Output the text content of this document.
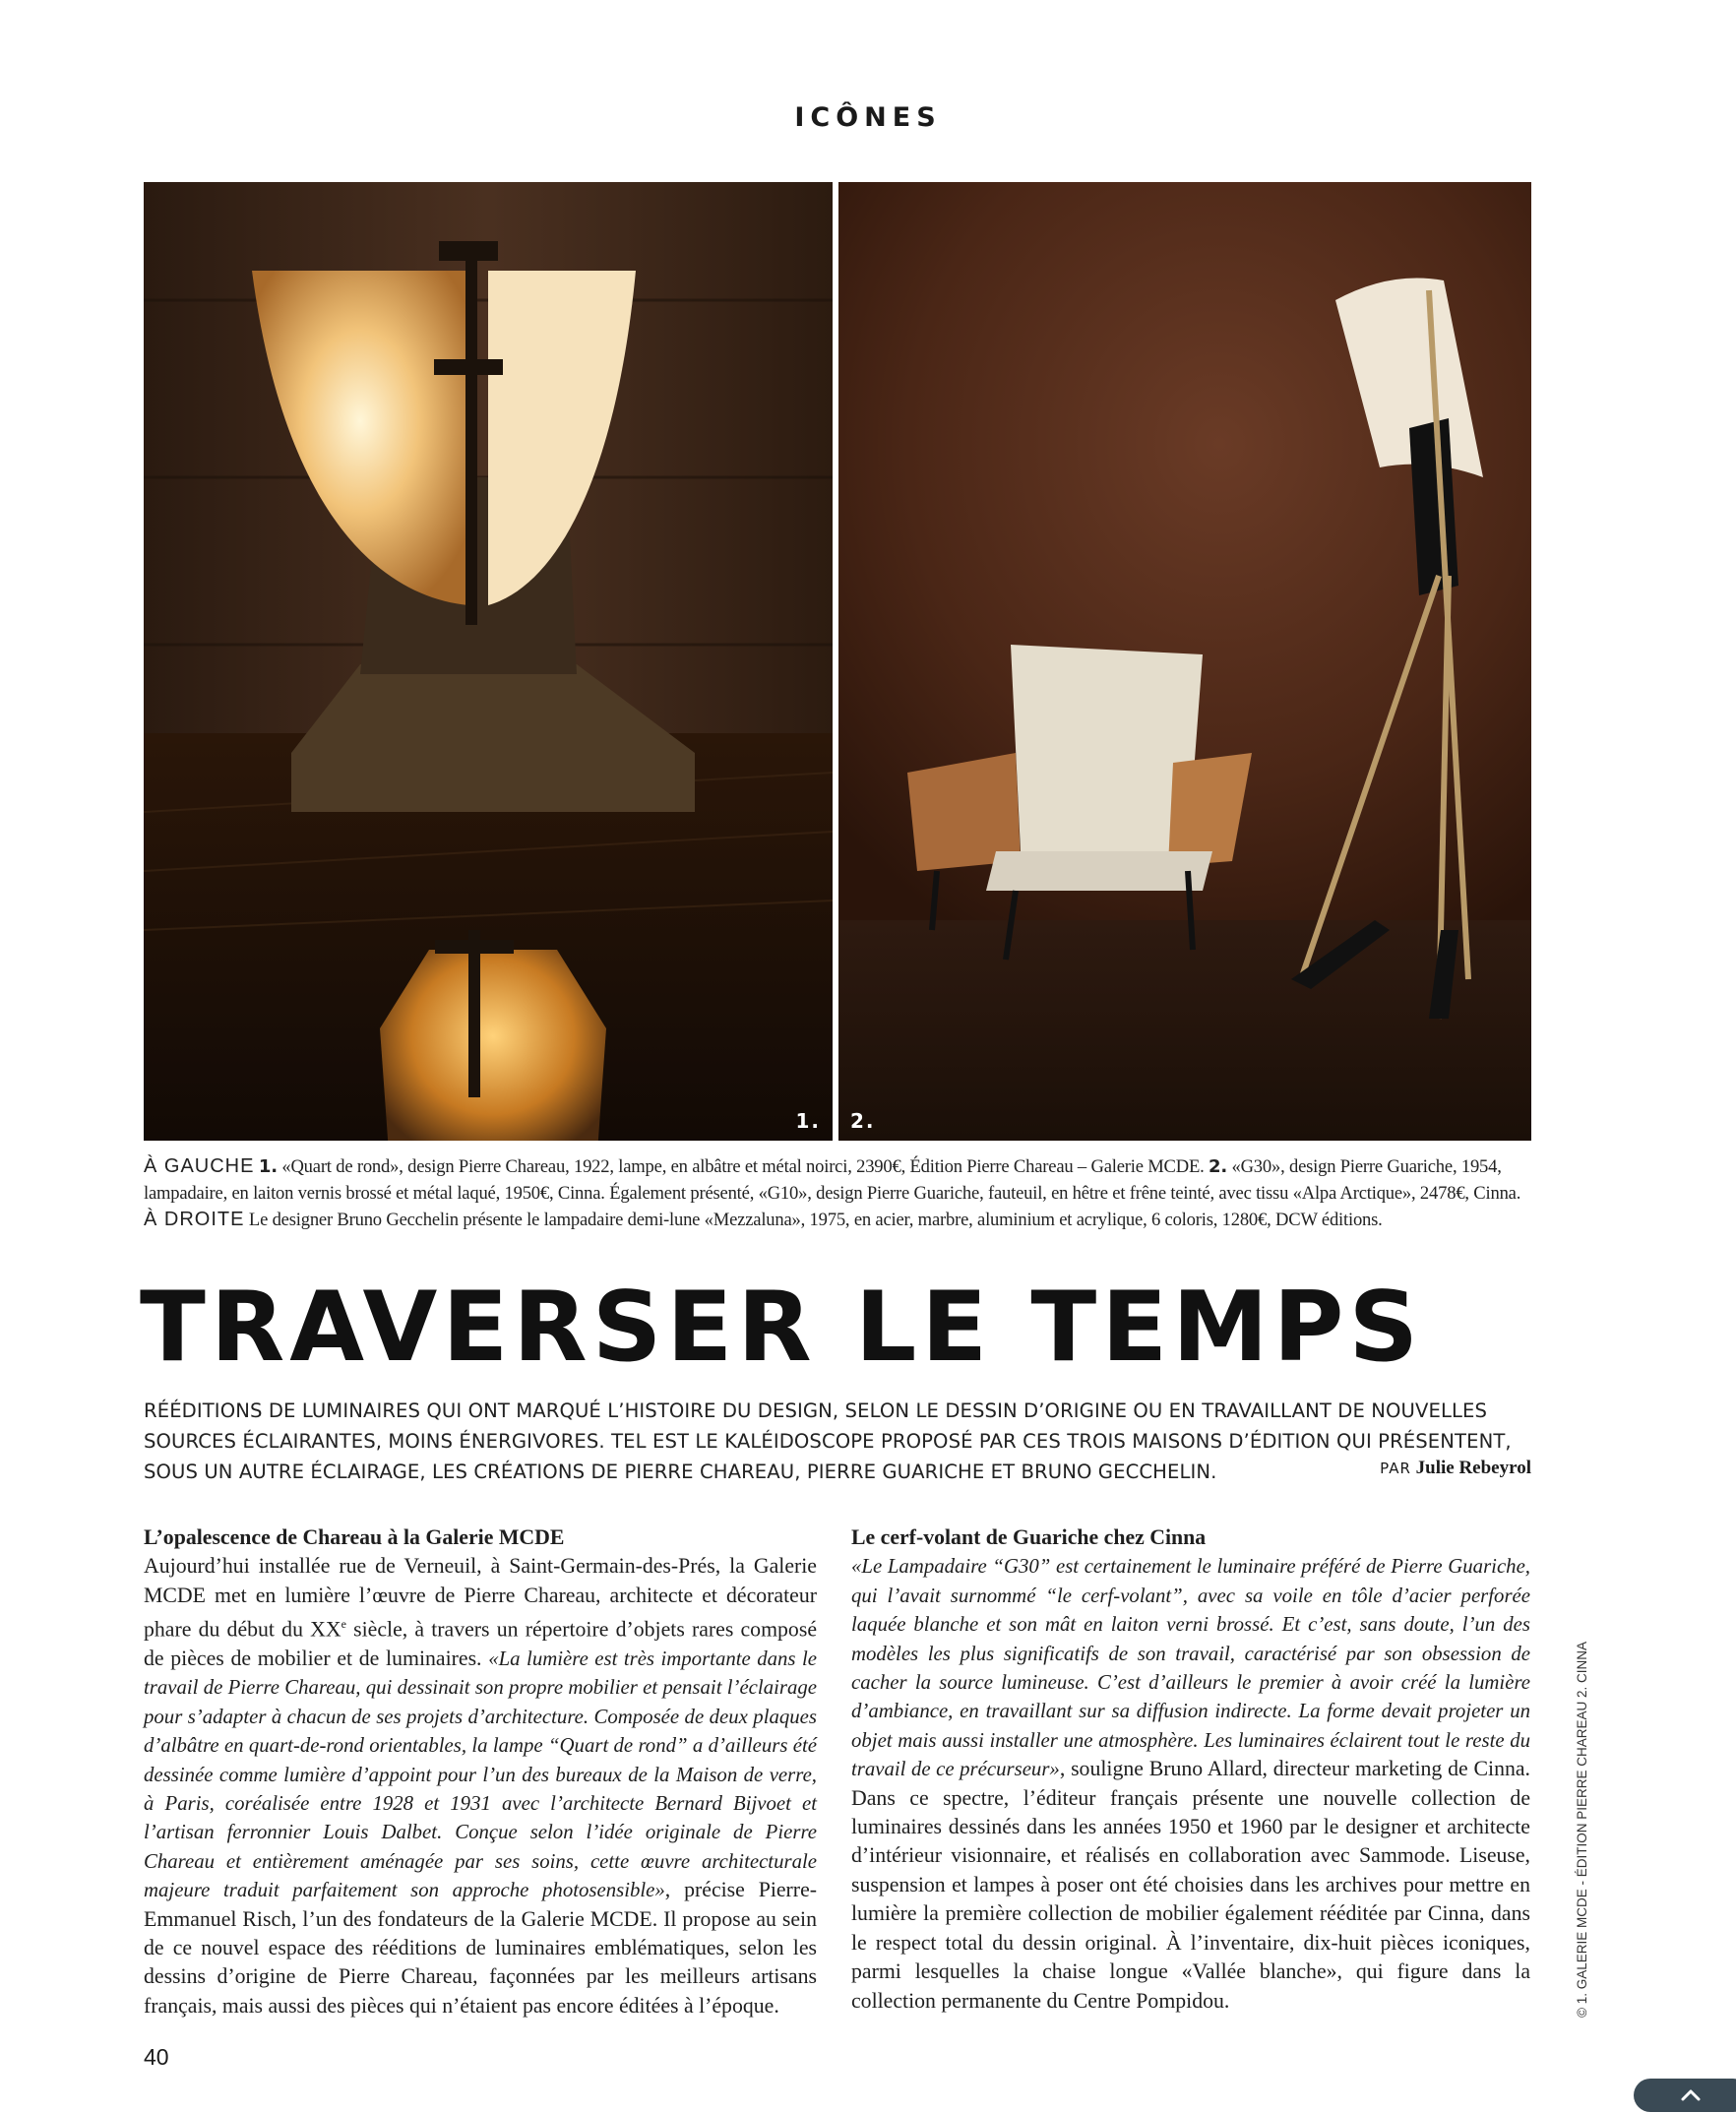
ICÔNES
1. 2.
À GAUCHE 1. «Quart de rond», design Pierre Chareau, 1922, lampe, en albâtre et métal noirci, 2390€, Édition Pierre Chareau – Galerie MCDE. 2. «G30», design Pierre Guariche, 1954, lampadaire, en laiton vernis brossé et métal laqué, 1950€, Cinna. Également présenté, «G10», design Pierre Guariche, fauteuil, en hêtre et frêne teinté, avec tissu «Alpa Arctique», 2478€, Cinna. À DROITE Le designer Bruno Gecchelin présente le lampadaire demi-lune «Mezzaluna», 1975, en acier, marbre, aluminium et acrylique, 6 coloris, 1280€, DCW éditions.
TRAVERSER LE TEMPS
RÉÉDITIONS DE LUMINAIRES QUI ONT MARQUÉ L’HISTOIRE DU DESIGN, SELON LE DESSIN D’ORIGINE OU EN TRAVAILLANT DE NOUVELLES SOURCES ÉCLAIRANTES, MOINS ÉNERGIVORES. TEL EST LE KALÉIDOSCOPE PROPOSÉ PAR CES TROIS MAISONS D’ÉDITION QUI PRÉSENTENT, SOUS UN AUTRE ÉCLAIRAGE, LES CRÉATIONS DE PIERRE CHAREAU, PIERRE GUARICHE ET BRUNO GECCHELIN.	PAR Julie Rebeyrol
L’opalescence de Chareau à la Galerie MCDE

Aujourd’hui installée rue de Verneuil, à Saint-Germain-des-Prés, la Galerie MCDE met en lumière l’œuvre de Pierre Chareau, architecte et décorateur phare du début du XXe siècle, à travers un répertoire d’objets rares composé de pièces de mobilier et de luminaires. «La lumière est très importante dans le travail de Pierre Chareau, qui dessinait son propre mobilier et pensait l’éclairage pour s’adapter à chacun de ses projets d’architecture. Composée de deux plaques d’albâtre en quart-de-rond orientables, la lampe “Quart de rond” a d’ailleurs été dessinée comme lumière d’appoint pour l’un des bureaux de la Maison de verre, à Paris, coréalisée entre 1928 et 1931 avec l’architecte Bernard Bijvoet et l’artisan ferronnier Louis Dalbet. Conçue selon l’idée originale de Pierre Chareau et entièrement aménagée par ses soins, cette œuvre architecturale majeure traduit parfaitement son approche photosensible», précise Pierre-Emmanuel Risch, l’un des fondateurs de la Galerie MCDE. Il propose au sein de ce nouvel espace des rééditions de luminaires emblématiques, selon les dessins d’origine de Pierre Chareau, façonnées par les meilleurs artisans français, mais aussi des pièces qui n’étaient pas encore éditées à l’époque.

Le cerf-volant de Guariche chez Cinna

«Le Lampadaire “G30” est certainement le luminaire préféré de Pierre Guariche, qui l’avait surnommé “le cerf-volant”, avec sa voile en tôle d’acier perforée laquée blanche et son mât en laiton verni brossé. Et c’est, sans doute, l’un des modèles les plus significatifs de son travail, caractérisé par son obsession de cacher la source lumineuse. C’est d’ailleurs le premier à avoir créé la lumière d’ambiance, en travaillant sur sa diffusion indirecte. La forme devait projeter un objet mais aussi installer une atmosphère. Les luminaires éclairent tout le reste du travail de ce précurseur», souligne Bruno Allard, directeur marketing de Cinna. Dans ce spectre, l’éditeur français présente une nouvelle collection de luminaires dessinés dans les années 1950 et 1960 par le designer et architecte d’intérieur visionnaire, et réalisés en collaboration avec Sammode. Liseuse, suspension et lampes à poser ont été choisies dans les archives pour mettre en lumière la première collection de mobilier également rééditée par Cinna, dans le respect total du dessin original. À l’inventaire, dix-huit pièces iconiques, parmi lesquelles la chaise longue «Vallée blanche», qui figure dans la collection permanente du Centre Pompidou.	© 1. GALERIE MCDE - ÉDITION PIERRE CHAREAU 2. CINNA
40
